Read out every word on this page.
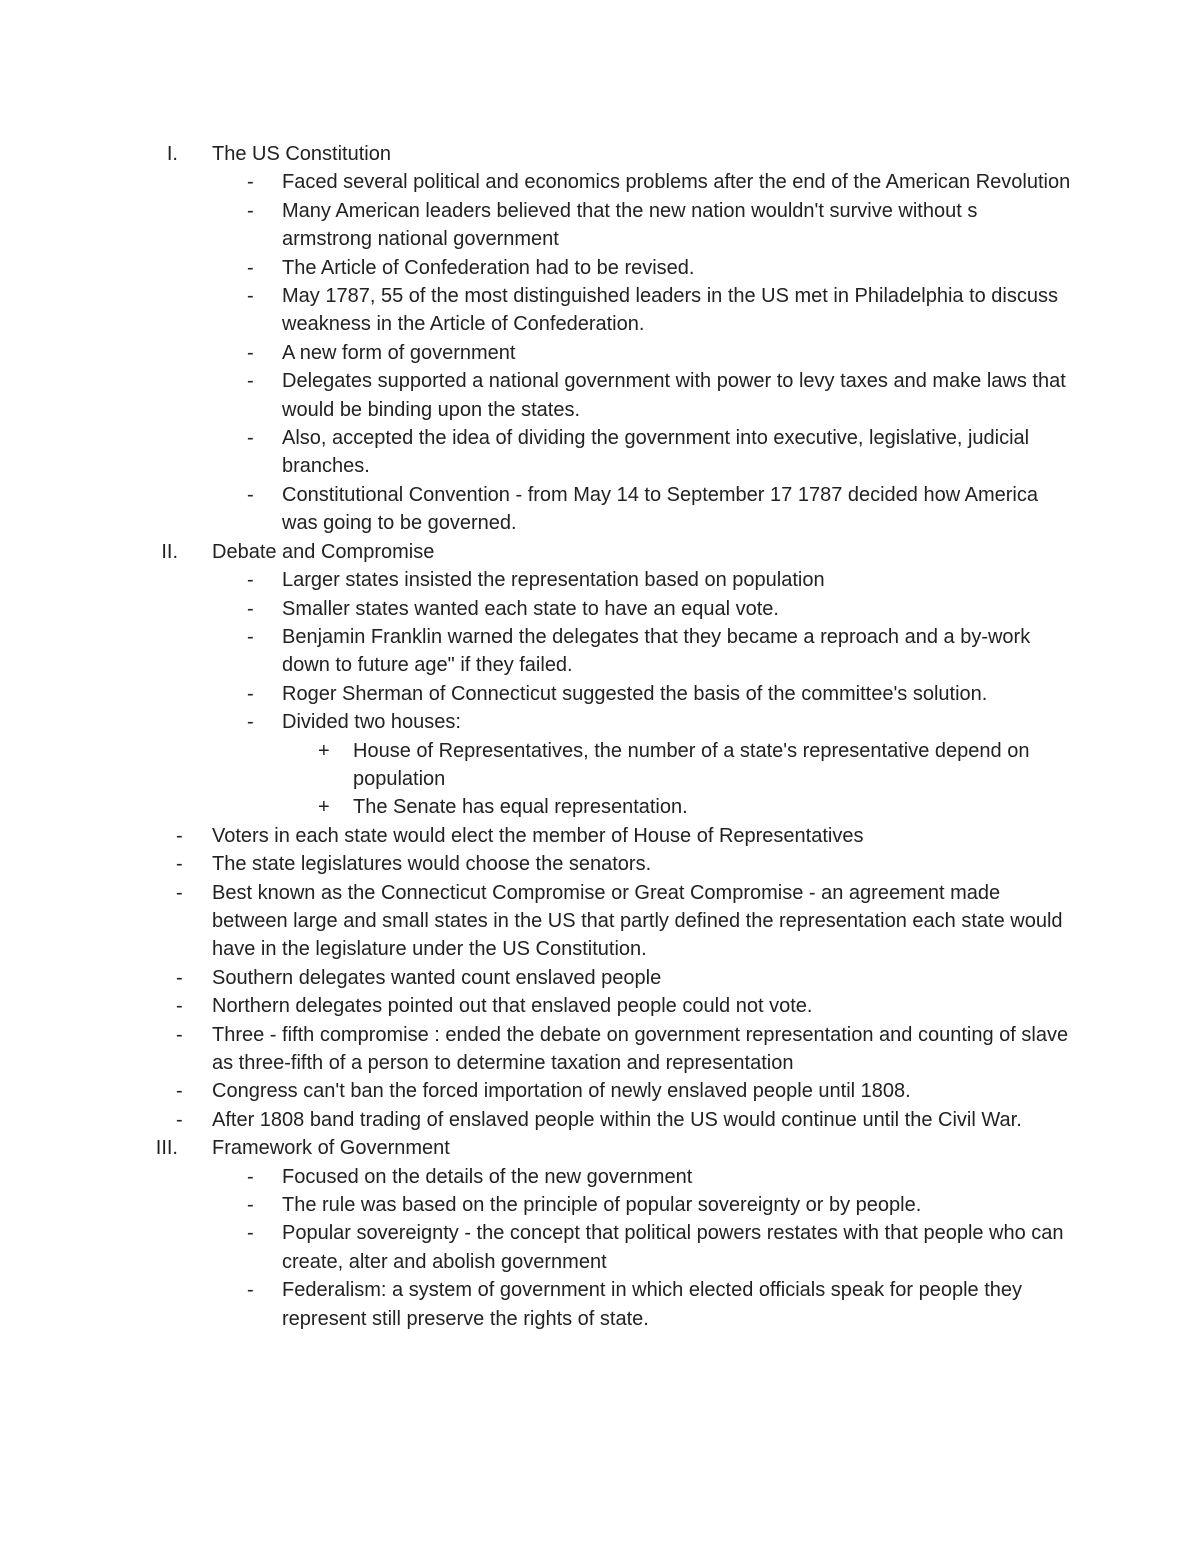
I. The US Constitution
- Faced several political and economics problems after the end of the American Revolution
- Many American leaders believed that the new nation wouldn't survive without s armstrong national government
- The Article of Confederation had to be revised.
- May 1787, 55 of the most distinguished leaders in the US met in Philadelphia to discuss weakness in the Article of Confederation.
- A new form of government
- Delegates supported a national government with power to levy taxes and make laws that would be binding upon the states.
- Also, accepted the idea of dividing the government into executive, legislative, judicial branches.
- Constitutional Convention - from May 14 to September 17 1787 decided how America was going to be governed.
II. Debate and Compromise
- Larger states insisted the representation based on population
- Smaller states wanted each state to have an equal vote.
- Benjamin Franklin warned the delegates that they became a reproach and a by-work down to future age" if they failed.
- Roger Sherman of Connecticut suggested the basis of the committee's solution.
- Divided two houses:
+ House of Representatives, the number of a state's representative depend on population
+ The Senate has equal representation.
- Voters in each state would elect the member of House of Representatives
- The state legislatures would choose the senators.
- Best known as the Connecticut Compromise or Great Compromise - an agreement made between large and small states in the US that partly defined the representation each state would have in the legislature under the US Constitution.
- Southern delegates wanted count enslaved people
- Northern delegates pointed out that enslaved people could not vote.
- Three - fifth compromise : ended the debate on government representation and counting of slave as three-fifth of a person to determine taxation and representation
- Congress can't ban the forced importation of newly enslaved people until 1808.
- After 1808 band trading of enslaved people within the US would continue until the Civil War.
III. Framework of Government
- Focused on the details of the new government
- The rule was based on the principle of popular sovereignty or by people.
- Popular sovereignty - the concept that political powers restates with that people who can create, alter and abolish government
- Federalism: a system of government in which elected officials speak for people they represent still preserve the rights of state.
